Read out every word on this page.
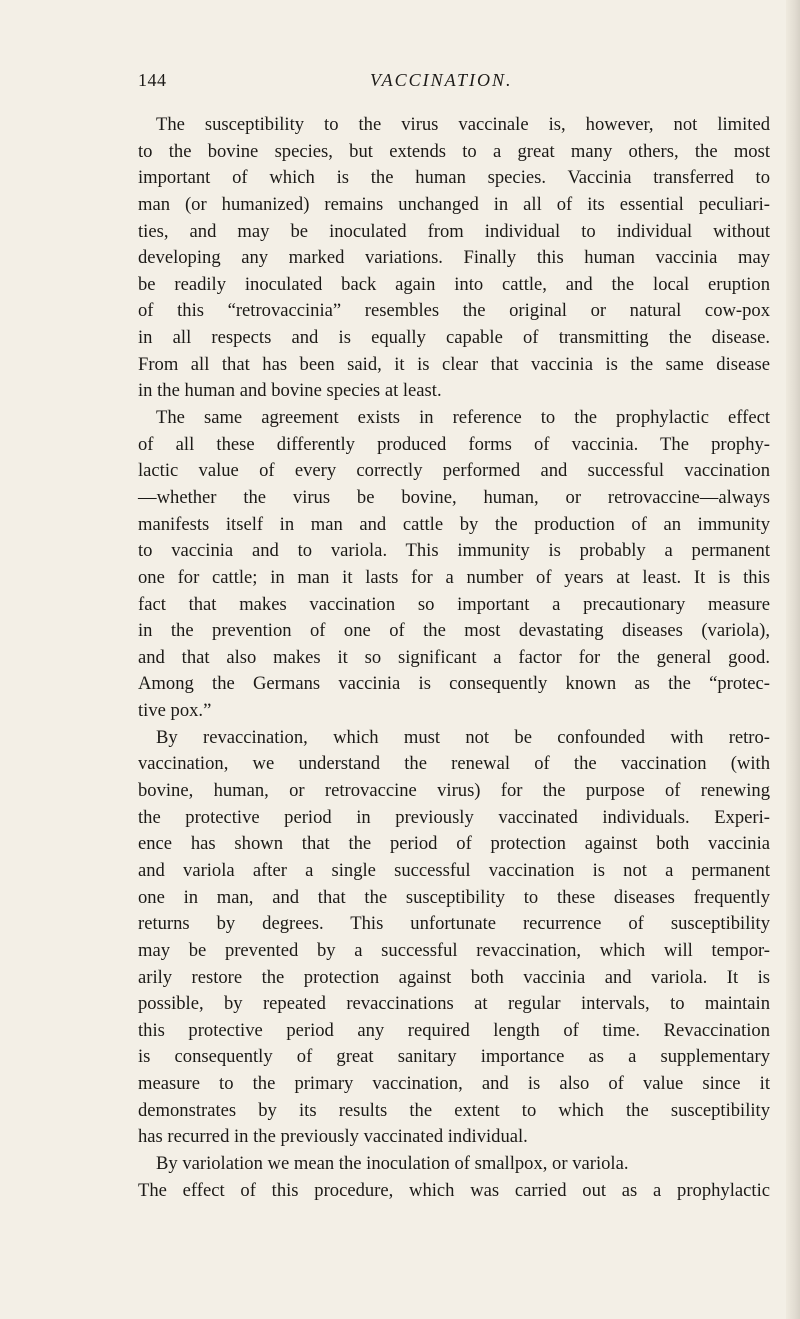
144	VACCINATION.
The susceptibility to the virus vaccinale is, however, not limited
to the bovine species, but extends to a great many others, the most
important of which is the human species. Vaccinia transferred to
man (or humanized) remains unchanged in all of its essential peculiari-
ties, and may be inoculated from individual to individual without
developing any marked variations. Finally this human vaccinia may
be readily inoculated back again into cattle, and the local eruption
of this “retrovaccinia” resembles the original or natural cow-pox
in all respects and is equally capable of transmitting the disease.
From all that has been said, it is clear that vaccinia is the same disease
in the human and bovine species at least.
The same agreement exists in reference to the prophylactic effect
of all these differently produced forms of vaccinia. The prophy-
lactic value of every correctly performed and successful vaccination
—whether the virus be bovine, human, or retrovaccine—always
manifests itself in man and cattle by the production of an immunity
to vaccinia and to variola. This immunity is probably a permanent
one for cattle; in man it lasts for a number of years at least. It is this
fact that makes vaccination so important a precautionary measure
in the prevention of one of the most devastating diseases (variola),
and that also makes it so significant a factor for the general good.
Among the Germans vaccinia is consequently known as the “protec-
tive pox.”
By revaccination, which must not be confounded with retro-
vaccination, we understand the renewal of the vaccination (with
bovine, human, or retrovaccine virus) for the purpose of renewing
the protective period in previously vaccinated individuals. Experi-
ence has shown that the period of protection against both vaccinia
and variola after a single successful vaccination is not a permanent
one in man, and that the susceptibility to these diseases frequently
returns by degrees. This unfortunate recurrence of susceptibility
may be prevented by a successful revaccination, which will tempor-
arily restore the protection against both vaccinia and variola. It is
possible, by repeated revaccinations at regular intervals, to maintain
this protective period any required length of time. Revaccination
is consequently of great sanitary importance as a supplementary
measure to the primary vaccination, and is also of value since it
demonstrates by its results the extent to which the susceptibility
has recurred in the previously vaccinated individual.
By variolation we mean the inoculation of smallpox, or variola.
The effect of this procedure, which was carried out as a prophylactic
